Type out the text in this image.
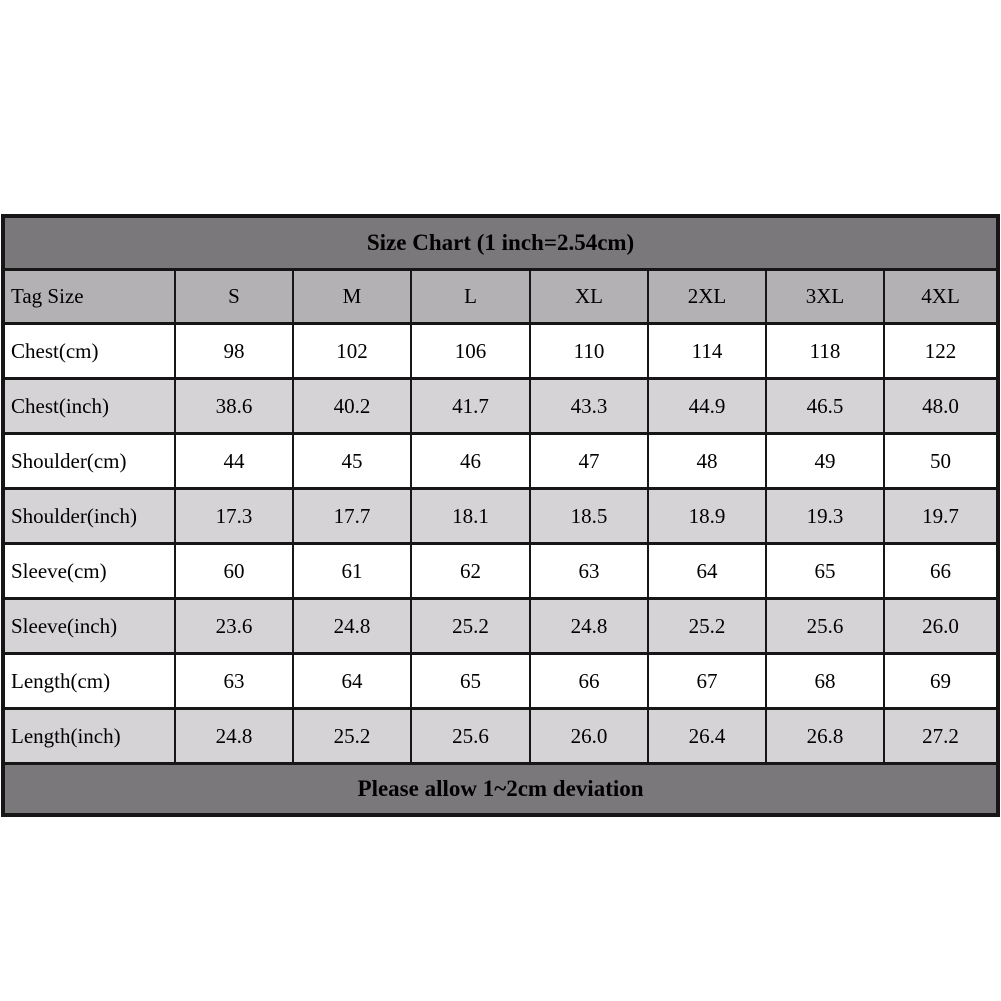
Size Chart (1 inch=2.54cm)							
Tag Size	S	M	L	XL	2XL	3XL	4XL
Chest(cm)	98	102	106	110	114	118	122
Chest(inch)	38.6	40.2	41.7	43.3	44.9	46.5	48.0
Shoulder(cm)	44	45	46	47	48	49	50
Shoulder(inch)	17.3	17.7	18.1	18.5	18.9	19.3	19.7
Sleeve(cm)	60	61	62	63	64	65	66
Sleeve(inch)	23.6	24.8	25.2	24.8	25.2	25.6	26.0
Length(cm)	63	64	65	66	67	68	69
Length(inch)	24.8	25.2	25.6	26.0	26.4	26.8	27.2
Please allow 1~2cm deviation							
